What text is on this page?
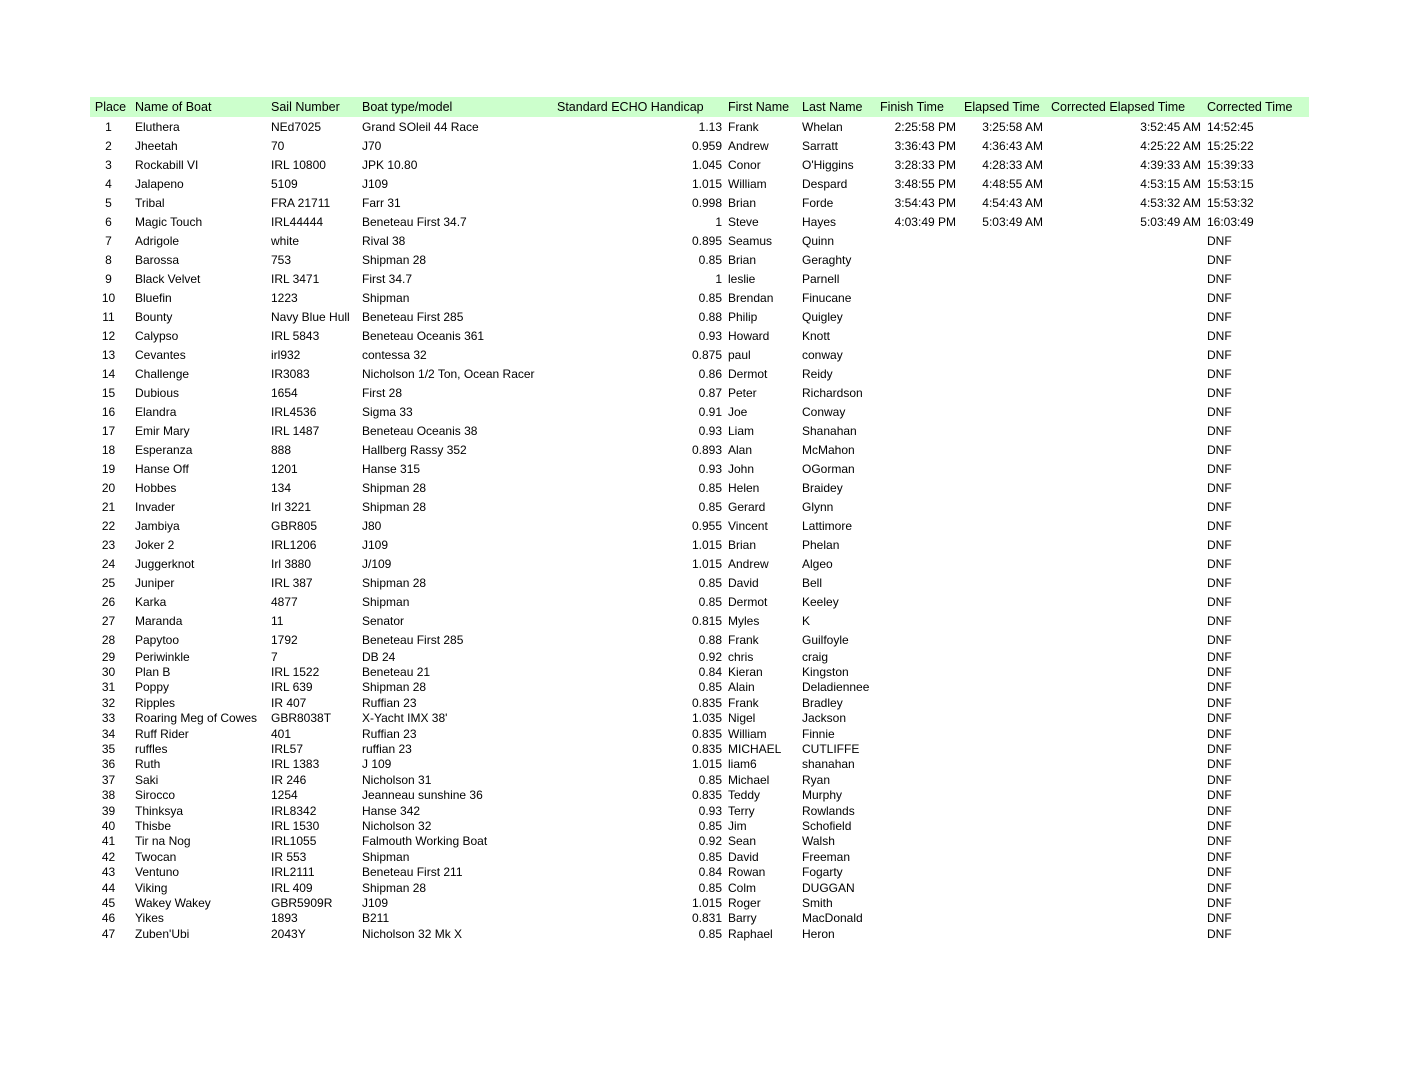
Place	Name of Boat	Sail Number	Boat type/model	Standard ECHO Handicap	First Name	Last Name	Finish Time	Elapsed Time	Corrected Elapsed Time	Corrected Time
1	Eluthera	NEd7025	Grand SOleil 44 Race	1.13	Frank	Whelan	2:25:58 PM	3:25:58 AM	3:52:45 AM	14:52:45
2	Jheetah	70	J70	0.959	Andrew	Sarratt	3:36:43 PM	4:36:43 AM	4:25:22 AM	15:25:22
3	Rockabill VI	IRL 10800	JPK 10.80	1.045	Conor	O'Higgins	3:28:33 PM	4:28:33 AM	4:39:33 AM	15:39:33
4	Jalapeno	5109	J109	1.015	William	Despard	3:48:55 PM	4:48:55 AM	4:53:15 AM	15:53:15
5	Tribal	FRA 21711	Farr 31	0.998	Brian	Forde	3:54:43 PM	4:54:43 AM	4:53:32 AM	15:53:32
6	Magic Touch	IRL44444	Beneteau First 34.7	1	Steve	Hayes	4:03:49 PM	5:03:49 AM	5:03:49 AM	16:03:49
7	Adrigole	white	Rival 38	0.895	Seamus	Quinn				DNF
8	Barossa	753	Shipman 28	0.85	Brian	Geraghty				DNF
9	Black Velvet	IRL 3471	First 34.7	1	leslie	Parnell				DNF
10	Bluefin	1223	Shipman	0.85	Brendan	Finucane				DNF
11	Bounty	Navy Blue Hull	Beneteau First 285	0.88	Philip	Quigley				DNF
12	Calypso	IRL 5843	Beneteau Oceanis 361	0.93	Howard	Knott				DNF
13	Cevantes	irl932	contessa 32	0.875	paul	conway				DNF
14	Challenge	IR3083	Nicholson 1/2 Ton, Ocean Racer	0.86	Dermot	Reidy				DNF
15	Dubious	1654	First 28	0.87	Peter	Richardson				DNF
16	Elandra	IRL4536	Sigma 33	0.91	Joe	Conway				DNF
17	Emir Mary	IRL 1487	Beneteau Oceanis 38	0.93	Liam	Shanahan				DNF
18	Esperanza	888	Hallberg Rassy 352	0.893	Alan	McMahon				DNF
19	Hanse Off	1201	Hanse 315	0.93	John	OGorman				DNF
20	Hobbes	134	Shipman 28	0.85	Helen	Braidey				DNF
21	Invader	Irl 3221	Shipman 28	0.85	Gerard	Glynn				DNF
22	Jambiya	GBR805	J80	0.955	Vincent	Lattimore				DNF
23	Joker 2	IRL1206	J109	1.015	Brian	Phelan				DNF
24	Juggerknot	Irl 3880	J/109	1.015	Andrew	Algeo				DNF
25	Juniper	IRL 387	Shipman 28	0.85	David	Bell				DNF
26	Karka	4877	Shipman	0.85	Dermot	Keeley				DNF
27	Maranda	11	Senator	0.815	Myles	K				DNF
28	Papytoo	1792	Beneteau First 285	0.88	Frank	Guilfoyle				DNF
29	Periwinkle	7	DB 24	0.92	chris	craig				DNF
30	Plan B	IRL 1522	Beneteau 21	0.84	Kieran	Kingston				DNF
31	Poppy	IRL 639	Shipman 28	0.85	Alain	Deladiennee				DNF
32	Ripples	IR 407	Ruffian 23	0.835	Frank	Bradley				DNF
33	Roaring Meg of Cowes	GBR8038T	X-Yacht IMX 38'	1.035	Nigel	Jackson				DNF
34	Ruff Rider	401	Ruffian 23	0.835	William	Finnie				DNF
35	ruffles	IRL57	ruffian 23	0.835	MICHAEL	CUTLIFFE				DNF
36	Ruth	IRL 1383	J 109	1.015	liam6	shanahan				DNF
37	Saki	IR 246	Nicholson 31	0.85	Michael	Ryan				DNF
38	Sirocco	1254	Jeanneau sunshine 36	0.835	Teddy	Murphy				DNF
39	Thinksya	IRL8342	Hanse 342	0.93	Terry	Rowlands				DNF
40	Thisbe	IRL 1530	Nicholson 32	0.85	Jim	Schofield				DNF
41	Tir na Nog	IRL1055	Falmouth Working Boat	0.92	Sean	Walsh				DNF
42	Twocan	IR 553	Shipman	0.85	David	Freeman				DNF
43	Ventuno	IRL2111	Beneteau First 211	0.84	Rowan	Fogarty				DNF
44	Viking	IRL 409	Shipman 28	0.85	Colm	DUGGAN				DNF
45	Wakey Wakey	GBR5909R	J109	1.015	Roger	Smith				DNF
46	Yikes	1893	B211	0.831	Barry	MacDonald				DNF
47	Zuben'Ubi	2043Y	Nicholson 32 Mk X	0.85	Raphael	Heron				DNF
